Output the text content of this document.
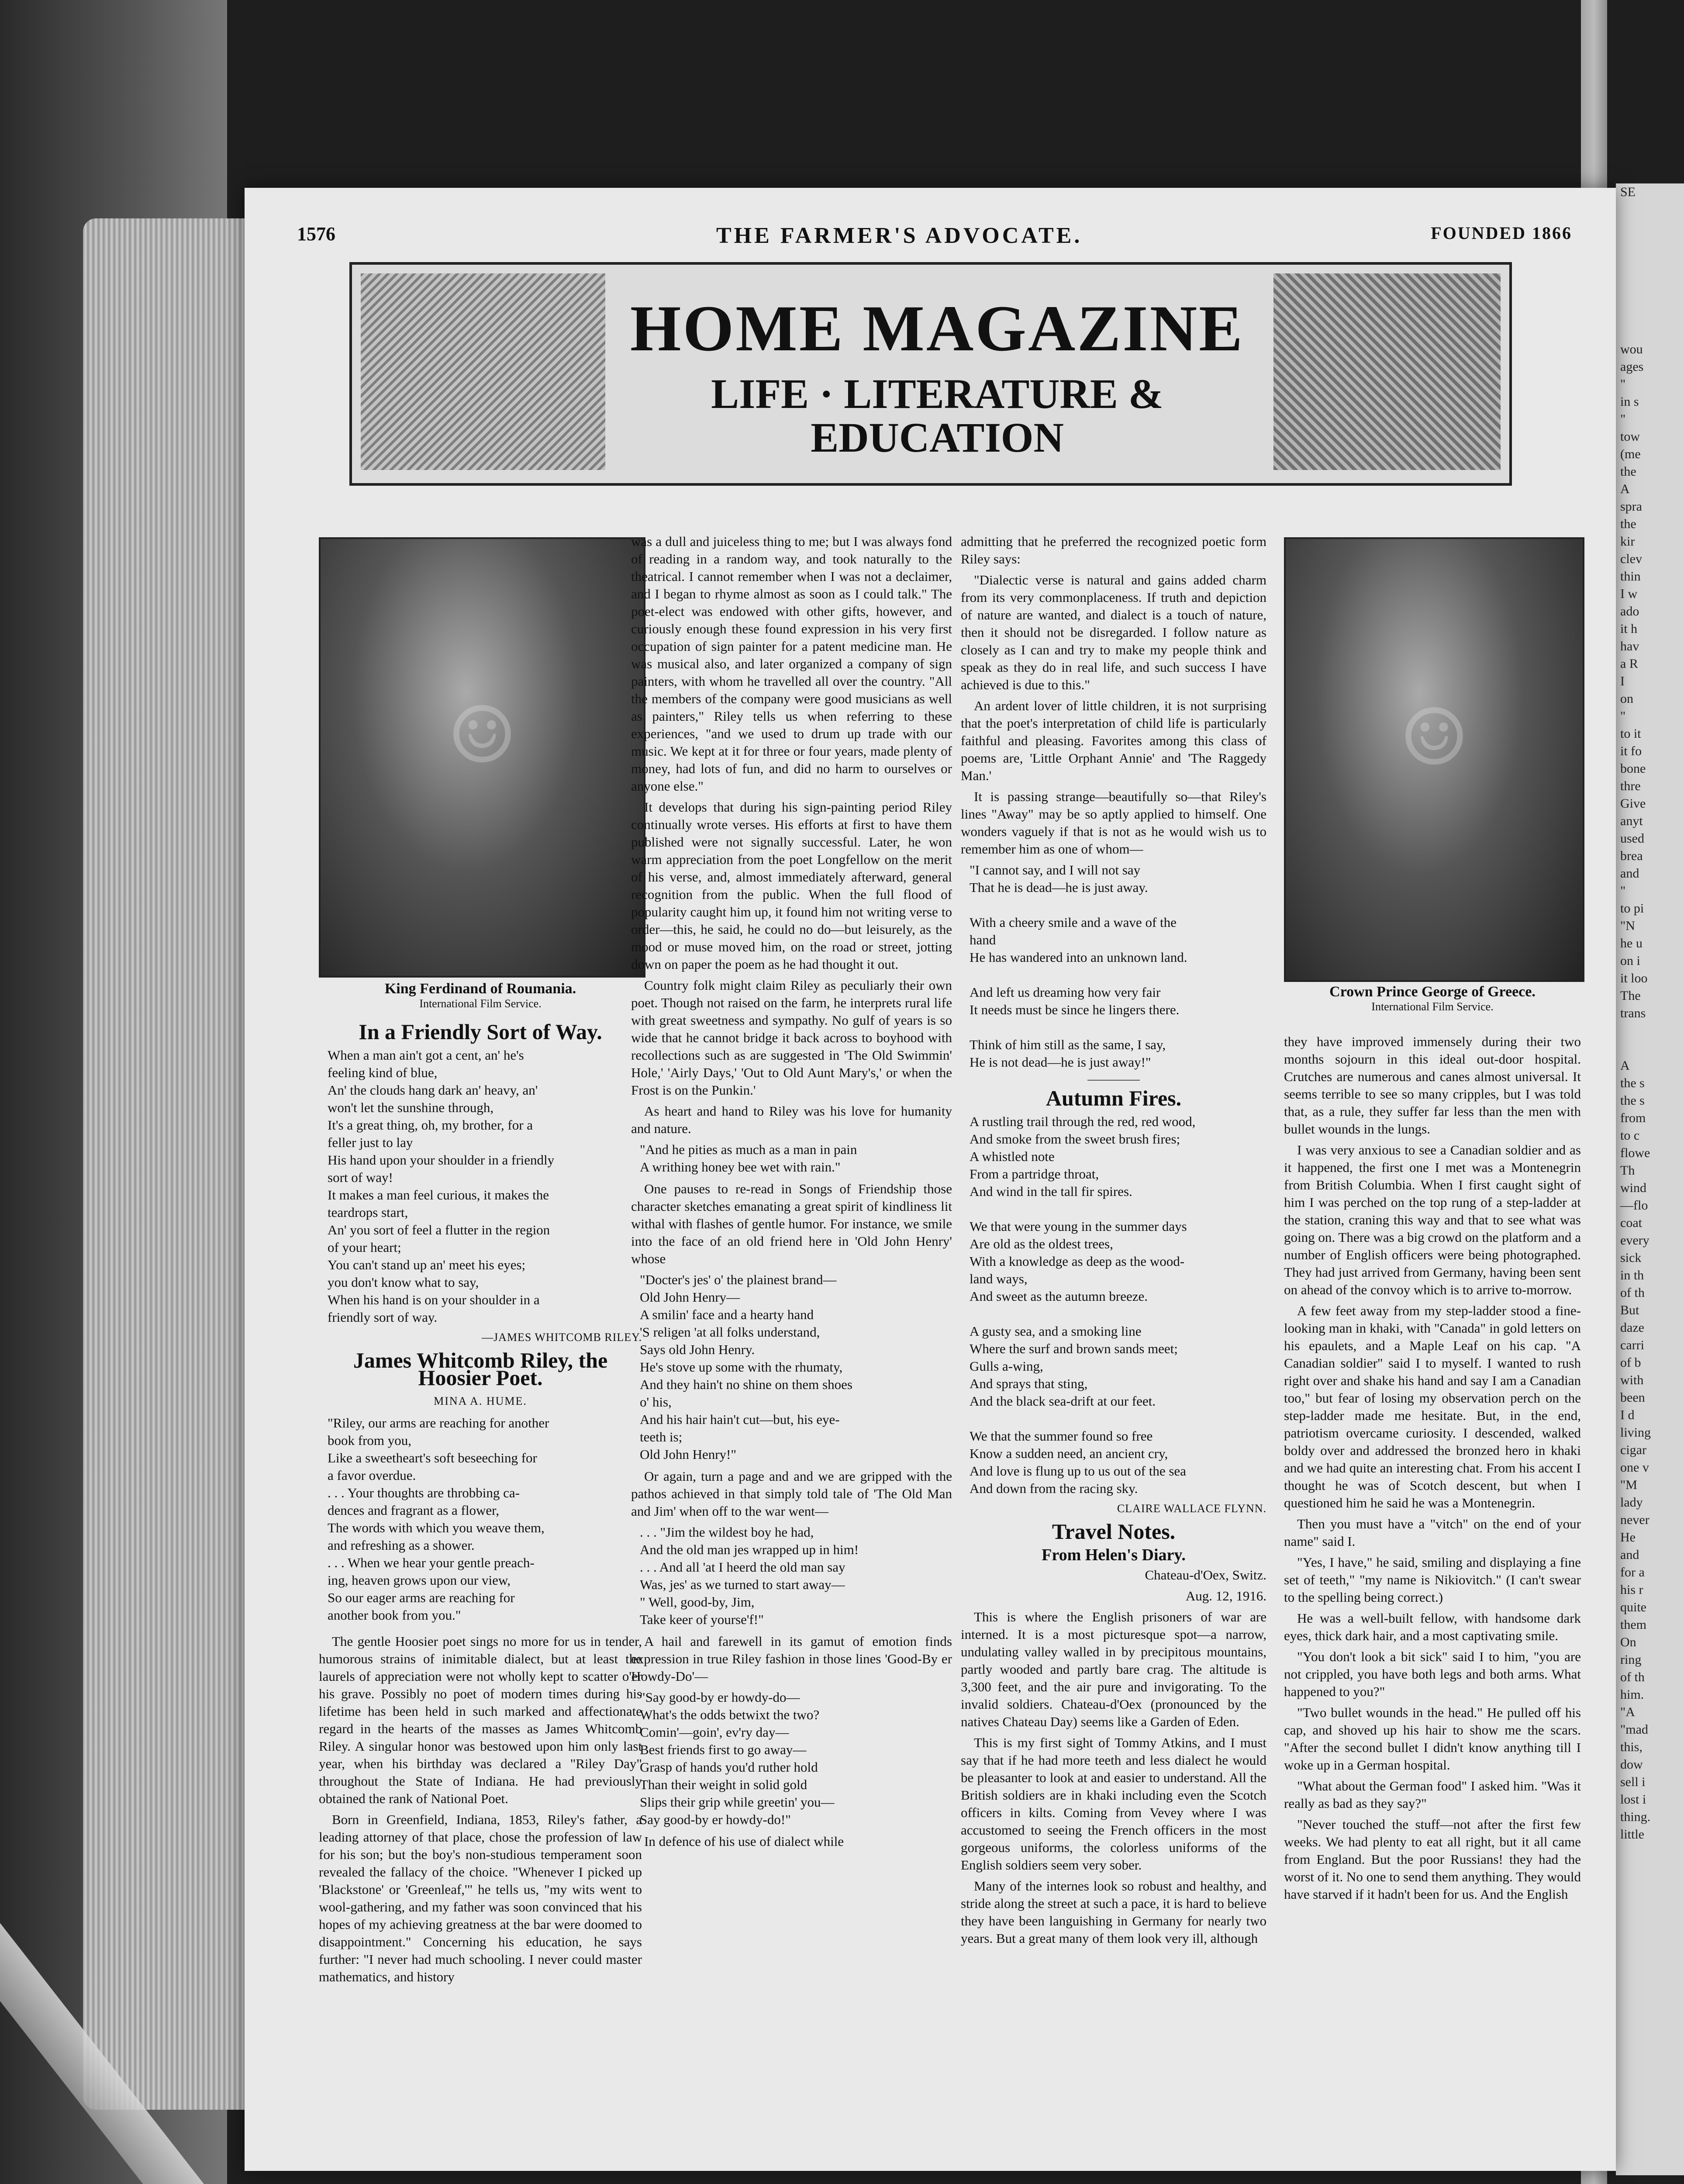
SE

wou
ages
"
in s
"
tow
(me
the
A
spra
the
kir
clev
thin
I w
ado
it h
hav
a R
I
on
"
to it
it fo
bone
thre
Give
anyt
used
brea
and
"
to pi
"N
he u
on i
it loo
The
trans

A
the s
the s
from
to c
flowe
Th
wind
—flo
coat
every
sick
in th
of th
But
daze
carri
of b
with
been
I d
living
cigar
one v
"M
lady
never
He
and
for a
his r
quite
them
On
ring
of th
him.
"A
"mad
this,
dow
sell i
lost i
thing.
little
1576	THE FARMER'S ADVOCATE.	FOUNDED 1866
HOME MAGAZINE
LIFE · LITERATURE &
EDUCATION
☺
King Ferdinand of Roumania.
International Film Service.
☺
Crown Prince George of Greece.
International Film Service.
In a Friendly Sort of Way.
When a man ain't got a cent, an' he's
feeling kind of blue,
An' the clouds hang dark an' heavy, an'
won't let the sunshine through,
It's a great thing, oh, my brother, for a
feller just to lay
His hand upon your shoulder in a friendly
sort of way!
It makes a man feel curious, it makes the
teardrops start,
An' you sort of feel a flutter in the region
of your heart;
You can't stand up an' meet his eyes;
you don't know what to say,
When his hand is on your shoulder in a
friendly sort of way.
—JAMES WHITCOMB RILEY.
James Whitcomb Riley, the Hoosier Poet.
MINA A. HUME.
"Riley, our arms are reaching for another
book from you,
Like a sweetheart's soft beseeching for
a favor overdue.
. . . Your thoughts are throbbing ca-
dences and fragrant as a flower,
The words with which you weave them,
and refreshing as a shower.
. . . When we hear your gentle preach-
ing, heaven grows upon our view,
So our eager arms are reaching for
another book from you."

The gentle Hoosier poet sings no more for us in tender, humorous strains of inimitable dialect, but at least the laurels of appreciation were not wholly kept to scatter o'er his grave. Possibly no poet of modern times during his lifetime has been held in such marked and affectionate regard in the hearts of the masses as James Whitcomb Riley. A singular honor was bestowed upon him only last year, when his birthday was declared a "Riley Day" throughout the State of Indiana. He had previously obtained the rank of National Poet.

Born in Greenfield, Indiana, 1853, Riley's father, a leading attorney of that place, chose the profession of law for his son; but the boy's non-studious temperament soon revealed the fallacy of the choice. "Whenever I picked up 'Blackstone' or 'Greenleaf,'" he tells us, "my wits went to wool-gathering, and my father was soon convinced that his hopes of my achieving greatness at the bar were doomed to disappointment." Concerning his education, he says further: "I never had much schooling. I never could master mathematics, and history

was a dull and juiceless thing to me; but I was always fond of reading in a random way, and took naturally to the theatrical. I cannot remember when I was not a declaimer, and I began to rhyme almost as soon as I could talk." The poet-elect was endowed with other gifts, however, and curiously enough these found expression in his very first occupation of sign painter for a patent medicine man. He was musical also, and later organized a company of sign painters, with whom he travelled all over the country. "All the members of the company were good musicians as well as painters," Riley tells us when referring to these experiences, "and we used to drum up trade with our music. We kept at it for three or four years, made plenty of money, had lots of fun, and did no harm to ourselves or anyone else."

It develops that during his sign-painting period Riley continually wrote verses. His efforts at first to have them published were not signally successful. Later, he won warm appreciation from the poet Longfellow on the merit of his verse, and, almost immediately afterward, general recognition from the public. When the full flood of popularity caught him up, it found him not writing verse to order—this, he said, he could no do—but leisurely, as the mood or muse moved him, on the road or street, jotting down on paper the poem as he had thought it out.

Country folk might claim Riley as peculiarly their own poet. Though not raised on the farm, he interprets rural life with great sweetness and sympathy. No gulf of years is so wide that he cannot bridge it back across to boyhood with recollections such as are suggested in 'The Old Swimmin' Hole,' 'Airly Days,' 'Out to Old Aunt Mary's,' or when the Frost is on the Punkin.'

As heart and hand to Riley was his love for humanity and nature.

"And he pities as much as a man in pain
A writhing honey bee wet with rain."

One pauses to re-read in Songs of Friendship those character sketches emanating a great spirit of kindliness lit withal with flashes of gentle humor. For instance, we smile into the face of an old friend here in 'Old John Henry' whose

"Docter's jes' o' the plainest brand—
Old John Henry—
A smilin' face and a hearty hand
'S religen 'at all folks understand,
Says old John Henry.
He's stove up some with the rhumaty,
And they hain't no shine on them shoes
o' his,
And his hair hain't cut—but, his eye-
teeth is;
Old John Henry!"

Or again, turn a page and and we are gripped with the pathos achieved in that simply told tale of 'The Old Man and Jim' when off to the war went—

. . . "Jim the wildest boy he had,
And the old man jes wrapped up in him!
. . . And all 'at I heerd the old man say
Was, jes' as we turned to start away—
" Well, good-by, Jim,
Take keer of yourse'f!"

A hail and farewell in its gamut of emotion finds expression in true Riley fashion in those lines 'Good-By er Howdy-Do'—

"Say good-by er howdy-do—
What's the odds betwixt the two?
Comin'—goin', ev'ry day—
Best friends first to go away—
Grasp of hands you'd ruther hold
Than their weight in solid gold
Slips their grip while greetin' you—
Say good-by er howdy-do!"

In defence of his use of dialect while

admitting that he preferred the recognized poetic form Riley says:

"Dialectic verse is natural and gains added charm from its very commonplaceness. If truth and depiction of nature are wanted, and dialect is a touch of nature, then it should not be disregarded. I follow nature as closely as I can and try to make my people think and speak as they do in real life, and such success I have achieved is due to this."

An ardent lover of little children, it is not surprising that the poet's interpretation of child life is particularly faithful and pleasing. Favorites among this class of poems are, 'Little Orphant Annie' and 'The Raggedy Man.'

It is passing strange—beautifully so—that Riley's lines "Away" may be so aptly applied to himself. One wonders vaguely if that is not as he would wish us to remember him as one of whom—

"I cannot say, and I will not say
That he is dead—he is just away.

With a cheery smile and a wave of the
hand
He has wandered into an unknown land.

And left us dreaming how very fair
It needs must be since he lingers there.

Think of him still as the same, I say,
He is not dead—he is just away!"
Autumn Fires.
A rustling trail through the red, red wood,
And smoke from the sweet brush fires;
A whistled note
From a partridge throat,
And wind in the tall fir spires.

We that were young in the summer days
Are old as the oldest trees,
With a knowledge as deep as the wood-
land ways,
And sweet as the autumn breeze.

A gusty sea, and a smoking line
Where the surf and brown sands meet;
Gulls a-wing,
And sprays that sting,
And the black sea-drift at our feet.

We that the summer found so free
Know a sudden need, an ancient cry,
And love is flung up to us out of the sea
And down from the racing sky.
CLAIRE WALLACE FLYNN.
Travel Notes.
From Helen's Diary.

Chateau-d'Oex, Switz.

Aug. 12, 1916.

This is where the English prisoners of war are interned. It is a most picturesque spot—a narrow, undulating valley walled in by precipitous mountains, partly wooded and partly bare crag. The altitude is 3,300 feet, and the air pure and invigorating. To the invalid soldiers. Chateau-d'Oex (pronounced by the natives Chateau Day) seems like a Garden of Eden.

This is my first sight of Tommy Atkins, and I must say that if he had more teeth and less dialect he would be pleasanter to look at and easier to understand. All the British soldiers are in khaki including even the Scotch officers in kilts. Coming from Vevey where I was accustomed to seeing the French officers in the most gorgeous uniforms, the colorless uniforms of the English soldiers seem very sober.

Many of the internes look so robust and healthy, and stride along the street at such a pace, it is hard to believe they have been languishing in Germany for nearly two years. But a great many of them look very ill, although

they have improved immensely during their two months sojourn in this ideal out-door hospital. Crutches are numerous and canes almost universal. It seems terrible to see so many cripples, but I was told that, as a rule, they suffer far less than the men with bullet wounds in the lungs.

I was very anxious to see a Canadian soldier and as it happened, the first one I met was a Montenegrin from British Columbia. When I first caught sight of him I was perched on the top rung of a step-ladder at the station, craning this way and that to see what was going on. There was a big crowd on the platform and a number of English officers were being photographed. They had just arrived from Germany, having been sent on ahead of the convoy which is to arrive to-morrow.

A few feet away from my step-ladder stood a fine-looking man in khaki, with "Canada" in gold letters on his epaulets, and a Maple Leaf on his cap. "A Canadian soldier" said I to myself. I wanted to rush right over and shake his hand and say I am a Canadian too," but fear of losing my observation perch on the step-ladder made me hesitate. But, in the end, patriotism overcame curiosity. I descended, walked boldy over and addressed the bronzed hero in khaki and we had quite an interesting chat. From his accent I thought he was of Scotch descent, but when I questioned him he said he was a Montenegrin.

Then you must have a "vitch" on the end of your name" said I.

"Yes, I have," he said, smiling and displaying a fine set of teeth," "my name is Nikiovitch." (I can't swear to the spelling being correct.)

He was a well-built fellow, with handsome dark eyes, thick dark hair, and a most captivating smile.

"You don't look a bit sick" said I to him, "you are not crippled, you have both legs and both arms. What happened to you?"

"Two bullet wounds in the head." He pulled off his cap, and shoved up his hair to show me the scars. "After the second bullet I didn't know anything till I woke up in a German hospital.

"What about the German food" I asked him. "Was it really as bad as they say?"

"Never touched the stuff—not after the first few weeks. We had plenty to eat all right, but it all came from England. But the poor Russians! they had the worst of it. No one to send them anything. They would have starved if it hadn't been for us. And the English
